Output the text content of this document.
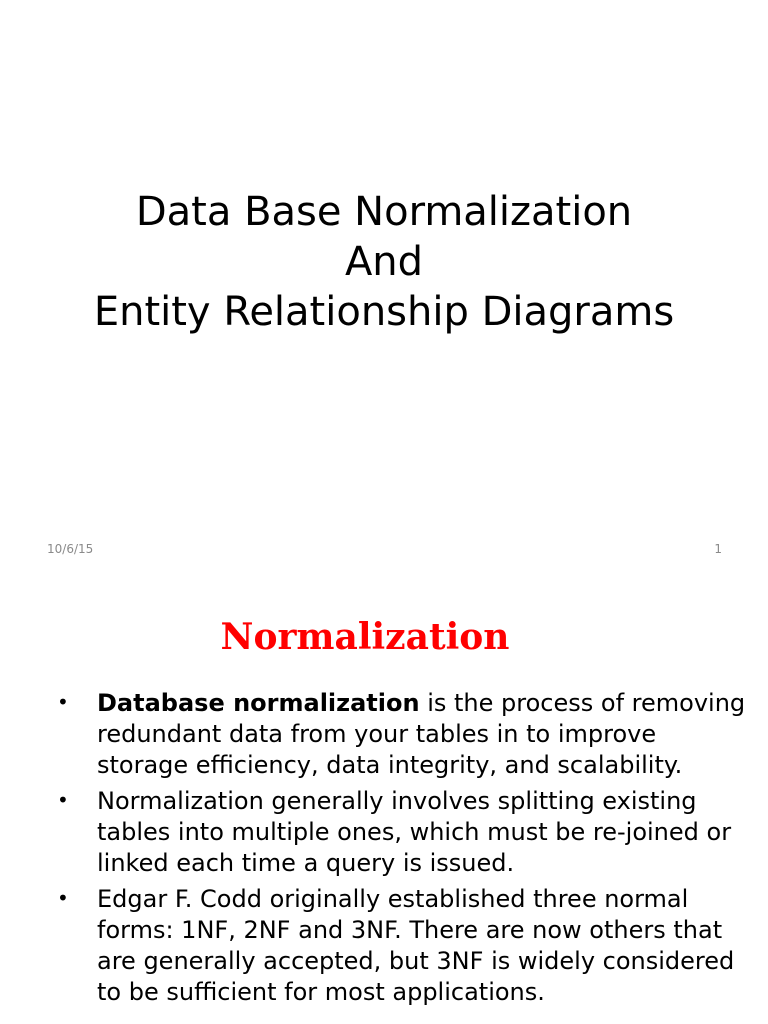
Data Base Normalization
And
Entity Relationship Diagrams
10/6/15	1
Normalization
• Database normalization is the process of removing redundant data from your tables in to improve storage efficiency, data integrity, and scalability.
• Normalization generally involves splitting existing tables into multiple ones, which must be re-joined or linked each time a query is issued.
• Edgar F. Codd originally established three normal forms: 1NF, 2NF and 3NF. There are now others that are generally accepted, but 3NF is widely considered to be sufficient for most applications.
